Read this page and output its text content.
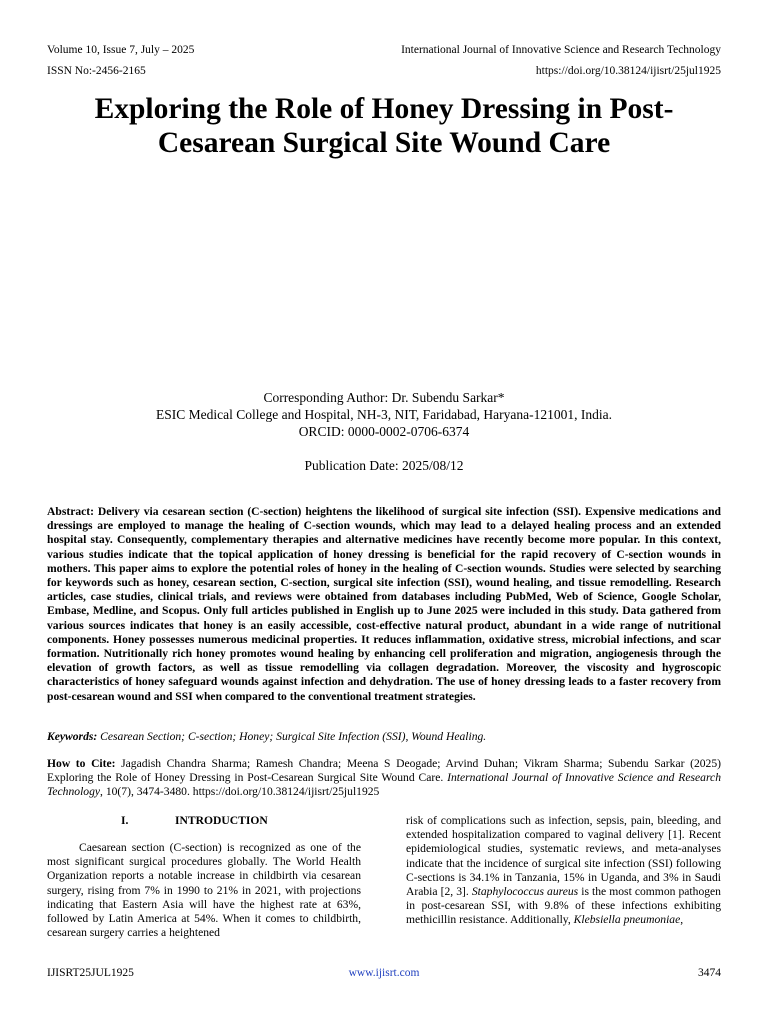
Volume 10, Issue 7, July – 2025
ISSN No:-2456-2165
International Journal of Innovative Science and Research Technology
https://doi.org/10.38124/ijisrt/25jul1925
Exploring the Role of Honey Dressing in Post-
Cesarean Surgical Site Wound Care
Corresponding Author: Dr. Subendu Sarkar*
ESIC Medical College and Hospital, NH-3, NIT, Faridabad, Haryana-121001, India.
ORCID: 0000-0002-0706-6374
Publication Date: 2025/08/12
Abstract: Delivery via cesarean section (C-section) heightens the likelihood of surgical site infection (SSI). Expensive medications and dressings are employed to manage the healing of C-section wounds, which may lead to a delayed healing process and an extended hospital stay. Consequently, complementary therapies and alternative medicines have recently become more popular. In this context, various studies indicate that the topical application of honey dressing is beneficial for the rapid recovery of C-section wounds in mothers. This paper aims to explore the potential roles of honey in the healing of C-section wounds. Studies were selected by searching for keywords such as honey, cesarean section, C-section, surgical site infection (SSI), wound healing, and tissue remodelling. Research articles, case studies, clinical trials, and reviews were obtained from databases including PubMed, Web of Science, Google Scholar, Embase, Medline, and Scopus. Only full articles published in English up to June 2025 were included in this study. Data gathered from various sources indicates that honey is an easily accessible, cost-effective natural product, abundant in a wide range of nutritional components. Honey possesses numerous medicinal properties. It reduces inflammation, oxidative stress, microbial infections, and scar formation. Nutritionally rich honey promotes wound healing by enhancing cell proliferation and migration, angiogenesis through the elevation of growth factors, as well as tissue remodelling via collagen degradation. Moreover, the viscosity and hygroscopic characteristics of honey safeguard wounds against infection and dehydration. The use of honey dressing leads to a faster recovery from post-cesarean wound and SSI when compared to the conventional treatment strategies.
Keywords: Cesarean Section; C-section; Honey; Surgical Site Infection (SSI), Wound Healing.
How to Cite: Jagadish Chandra Sharma; Ramesh Chandra; Meena S Deogade; Arvind Duhan; Vikram Sharma; Subendu Sarkar (2025) Exploring the Role of Honey Dressing in Post-Cesarean Surgical Site Wound Care. International Journal of Innovative Science and Research Technology, 10(7), 3474-3480. https://doi.org/10.38124/ijisrt/25jul1925
I.	INTRODUCTION
Caesarean section (C-section) is recognized as one of the most significant surgical procedures globally. The World Health Organization reports a notable increase in childbirth via cesarean surgery, rising from 7% in 1990 to 21% in 2021, with projections indicating that Eastern Asia will have the highest rate at 63%, followed by Latin America at 54%. When it comes to childbirth, cesarean surgery carries a heightened
risk of complications such as infection, sepsis, pain, bleeding, and extended hospitalization compared to vaginal delivery [1]. Recent epidemiological studies, systematic reviews, and meta-analyses indicate that the incidence of surgical site infection (SSI) following C-sections is 34.1% in Tanzania, 15% in Uganda, and 3% in Saudi Arabia [2, 3]. Staphylococcus aureus is the most common pathogen in post-cesarean SSI, with 9.8% of these infections exhibiting methicillin resistance. Additionally, Klebsiella pneumoniae,
IJISRT25JUL1925	www.ijisrt.com	3474
